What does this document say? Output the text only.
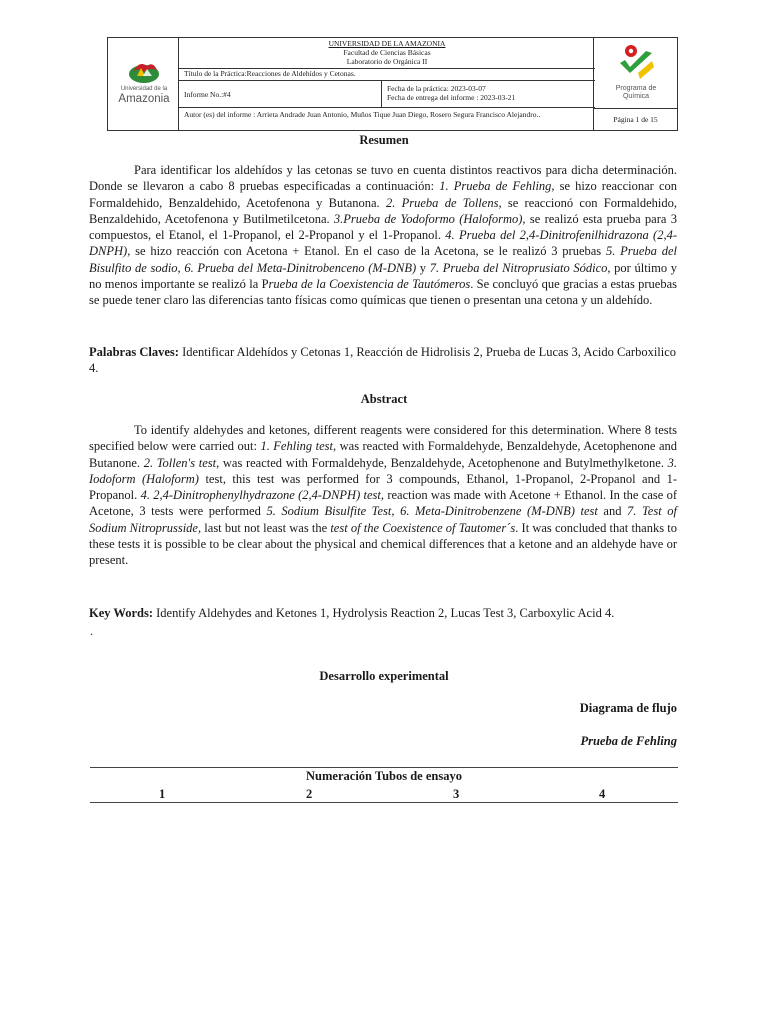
Universidad de la
Amazonia
UNIVERSIDAD DE LA AMAZONIA
Facultad de Ciencias Básicas
Laboratorio de Orgánica II
Título de la Práctica:Reacciones de Aldehídos y Cetonas.
Informe No.:#4
Fecha de la práctica: 2023-03-07
Fecha de entrega del informe : 2023-03-21
Autor (es) del informe : Arrieta Andrade Juan Antonio, Muños Tique Juan Diego, Rosero Segura Francisco Alejandro..
Programa de
Química
Página 1 de 15
Resumen

Para identificar los aldehídos y las cetonas se tuvo en cuenta distintos reactivos para dicha determinación. Donde se llevaron a cabo 8 pruebas especificadas a continuación: 1. Prueba de Fehling, se hizo reaccionar con Formaldehido, Benzaldehido, Acetofenona y Butanona. 2. Prueba de Tollens, se reaccionó con Formaldehido, Benzaldehido, Acetofenona y Butilmetilcetona. 3.Prueba de Yodoformo (Haloformo), se realizó esta prueba para 3 compuestos, el Etanol, el 1-Propanol, el 2-Propanol y el 1-Propanol. 4. Prueba del 2,4-Dinitrofenilhidrazona (2,4-DNPH), se hizo reacción con Acetona + Etanol. En el caso de la Acetona, se le realizó 3 pruebas 5. Prueba del Bisulfito de sodio, 6. Prueba del Meta-Dinitrobenceno (M-DNB) y 7. Prueba del Nitroprusiato Sódico, por último y no menos importante se realizó la Prueba de la Coexistencia de Tautómeros. Se concluyó que gracias a estas pruebas se puede tener claro las diferencias tanto físicas como químicas que tienen o presentan una cetona y un aldehído.

Palabras Claves: Identificar Aldehídos y Cetonas 1, Reacción de Hidrolisis 2, Prueba de Lucas 3, Acido Carboxilico 4.

Abstract

To identify aldehydes and ketones, different reagents were considered for this determination. Where 8 tests specified below were carried out: 1. Fehling test, was reacted with Formaldehyde, Benzaldehyde, Acetophenone and Butanone. 2. Tollen's test, was reacted with Formaldehyde, Benzaldehyde, Acetophenone and Butylmethylketone. 3. Iodoform (Haloform) test, this test was performed for 3 compounds, Ethanol, 1-Propanol, 2-Propanol and 1-Propanol. 4. 2,4-Dinitrophenylhydrazone (2,4-DNPH) test, reaction was made with Acetone + Ethanol. In the case of Acetone, 3 tests were performed 5. Sodium Bisulfite Test, 6. Meta-Dinitrobenzene (M-DNB) test and 7. Test of Sodium Nitroprusside, last but not least was the test of the Coexistence of Tautomer´s. It was concluded that thanks to these tests it is possible to be clear about the physical and chemical differences that a ketone and an aldehyde have or present.

Key Words: Identify Aldehydes and Ketones 1, Hydrolysis Reaction 2, Lucas Test 3, Carboxylic Acid 4.

.
Desarrollo experimental
Diagrama de flujo
Prueba de Fehling
Numeración Tubos de ensayo
1	2	3	4
